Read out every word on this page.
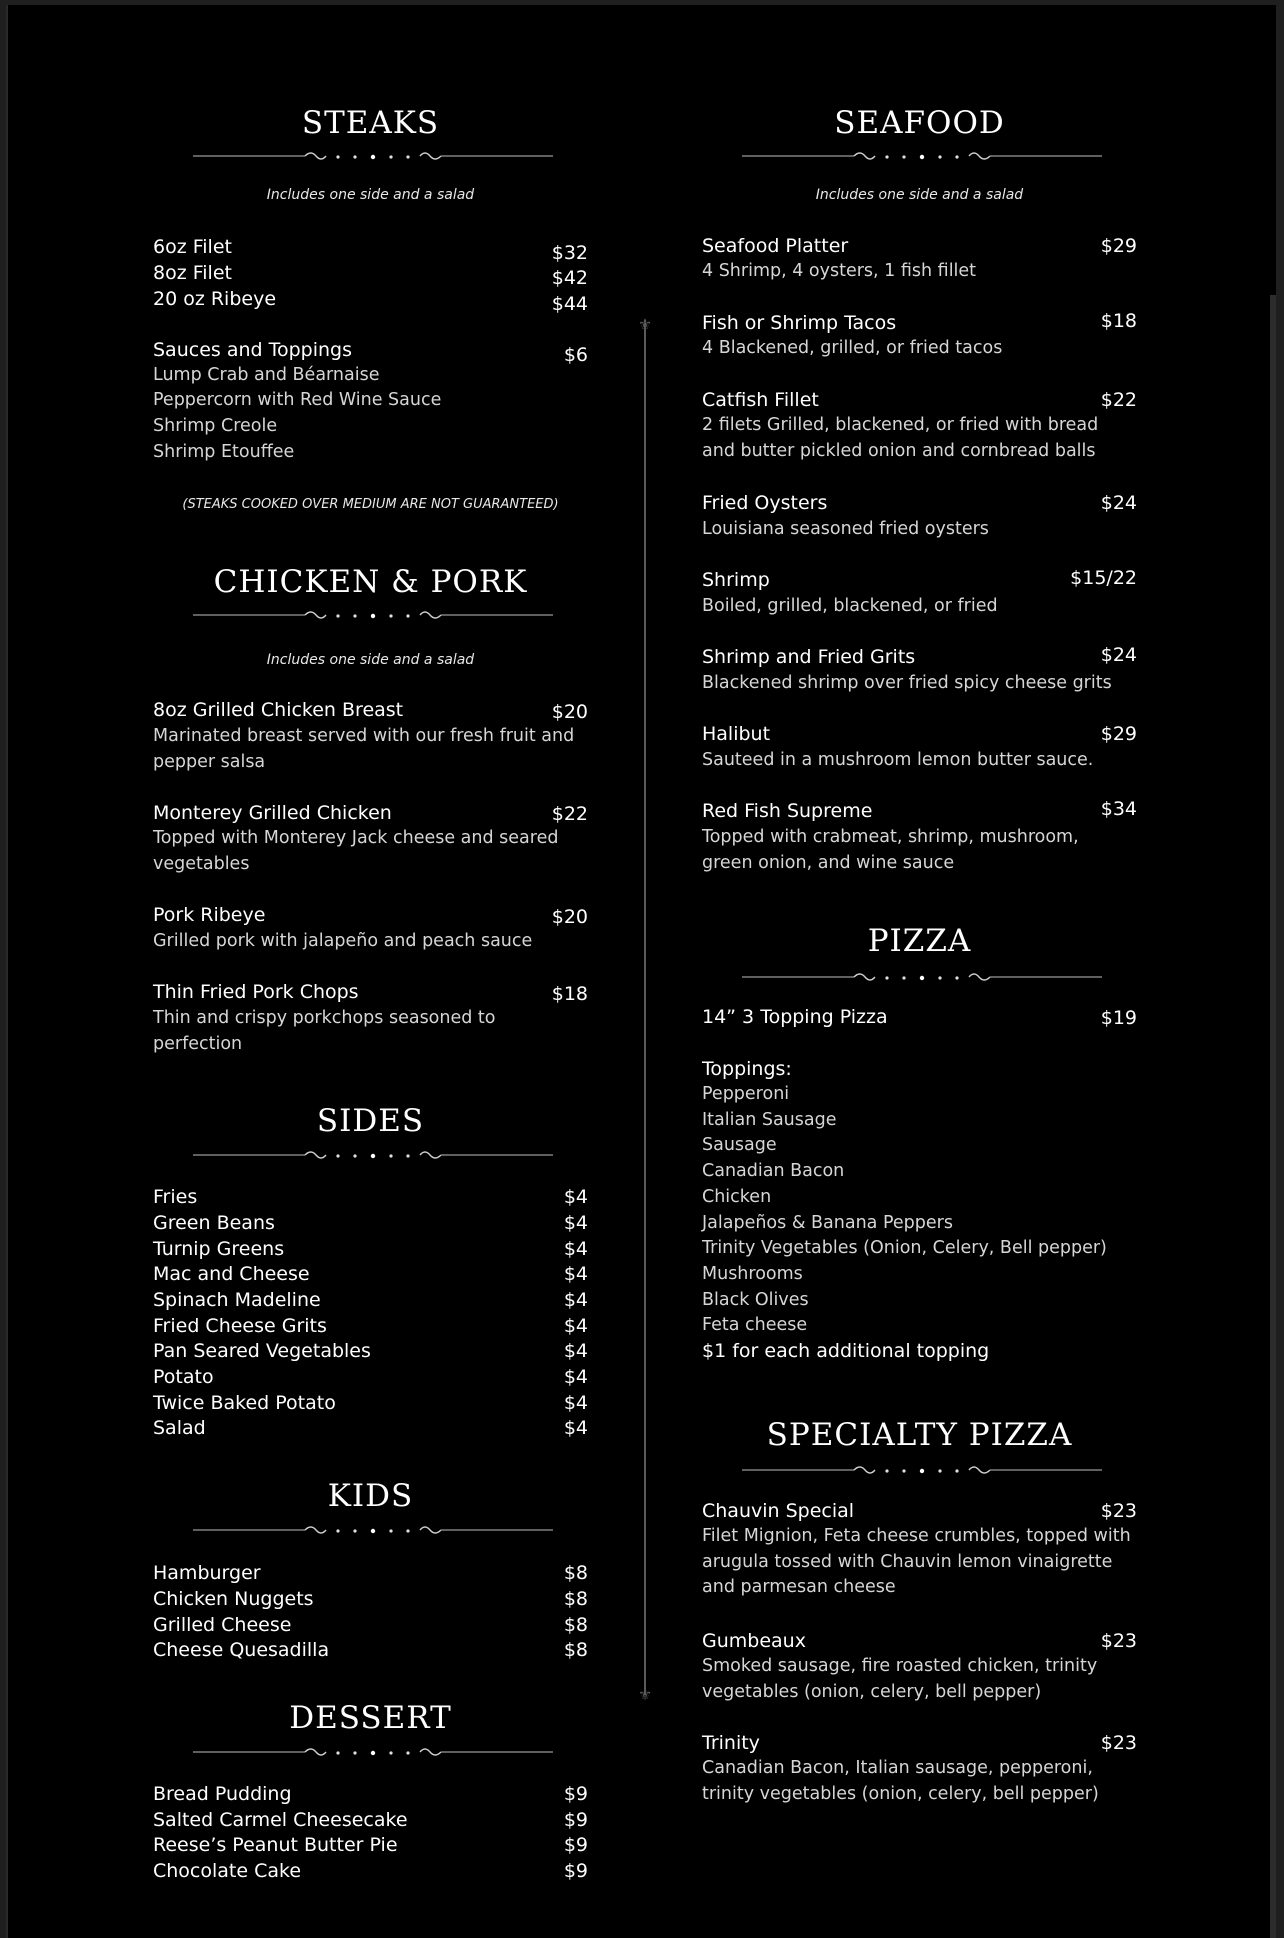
⚜
⚜
STEAKS
Includes one side and a salad
6oz Filet	$32
8oz Filet	$42
20 oz Ribeye	$44
Sauces and Toppings	$6
Lump Crab and Béarnaise
Peppercorn with Red Wine Sauce
Shrimp Creole
Shrimp Etouffee
(STEAKS COOKED OVER MEDIUM ARE NOT GUARANTEED)
CHICKEN & PORK
Includes one side and a salad
8oz Grilled Chicken Breast	$20
Marinated breast served with our fresh fruit and pepper salsa
Monterey Grilled Chicken	$22
Topped with Monterey Jack cheese and seared vegetables
Pork Ribeye	$20
Grilled pork with jalapeño and peach sauce
Thin Fried Pork Chops	$18
Thin and crispy porkchops seasoned to perfection
SIDES
Fries	$4
Green Beans	$4
Turnip Greens	$4
Mac and Cheese	$4
Spinach Madeline	$4
Fried Cheese Grits	$4
Pan Seared Vegetables	$4
Potato	$4
Twice Baked Potato	$4
Salad	$4
KIDS
Hamburger	$8
Chicken Nuggets	$8
Grilled Cheese	$8
Cheese Quesadilla	$8
DESSERT
Bread Pudding	$9
Salted Carmel Cheesecake	$9
Reese’s Peanut Butter Pie	$9
Chocolate Cake	$9
SEAFOOD
Includes one side and a salad
Seafood Platter	$29
4 Shrimp, 4 oysters, 1 fish fillet
Fish or Shrimp Tacos	$18
4 Blackened, grilled, or fried tacos
Catfish Fillet	$22
2 filets Grilled, blackened, or fried with bread and butter pickled onion and cornbread balls
Fried Oysters	$24
Louisiana seasoned fried oysters
Shrimp	$15/22
Boiled, grilled, blackened, or fried
Shrimp and Fried Grits	$24
Blackened shrimp over fried spicy cheese grits
Halibut	$29
Sauteed in a mushroom lemon butter sauce.
Red Fish Supreme	$34
Topped with crabmeat, shrimp, mushroom, green onion, and wine sauce
PIZZA
14” 3 Topping Pizza	$19
Toppings:
Pepperoni
Italian Sausage
Sausage
Canadian Bacon
Chicken
Jalapeños & Banana Peppers
Trinity Vegetables (Onion, Celery, Bell pepper)
Mushrooms
Black Olives
Feta cheese
$1 for each additional topping
SPECIALTY PIZZA
Chauvin Special	$23
Filet Mignion, Feta cheese crumbles, topped with arugula tossed with Chauvin lemon vinaigrette and parmesan cheese
Gumbeaux	$23
Smoked sausage, fire roasted chicken, trinity vegetables (onion, celery, bell pepper)
Trinity	$23
Canadian Bacon, Italian sausage, pepperoni, trinity vegetables (onion, celery, bell pepper)
